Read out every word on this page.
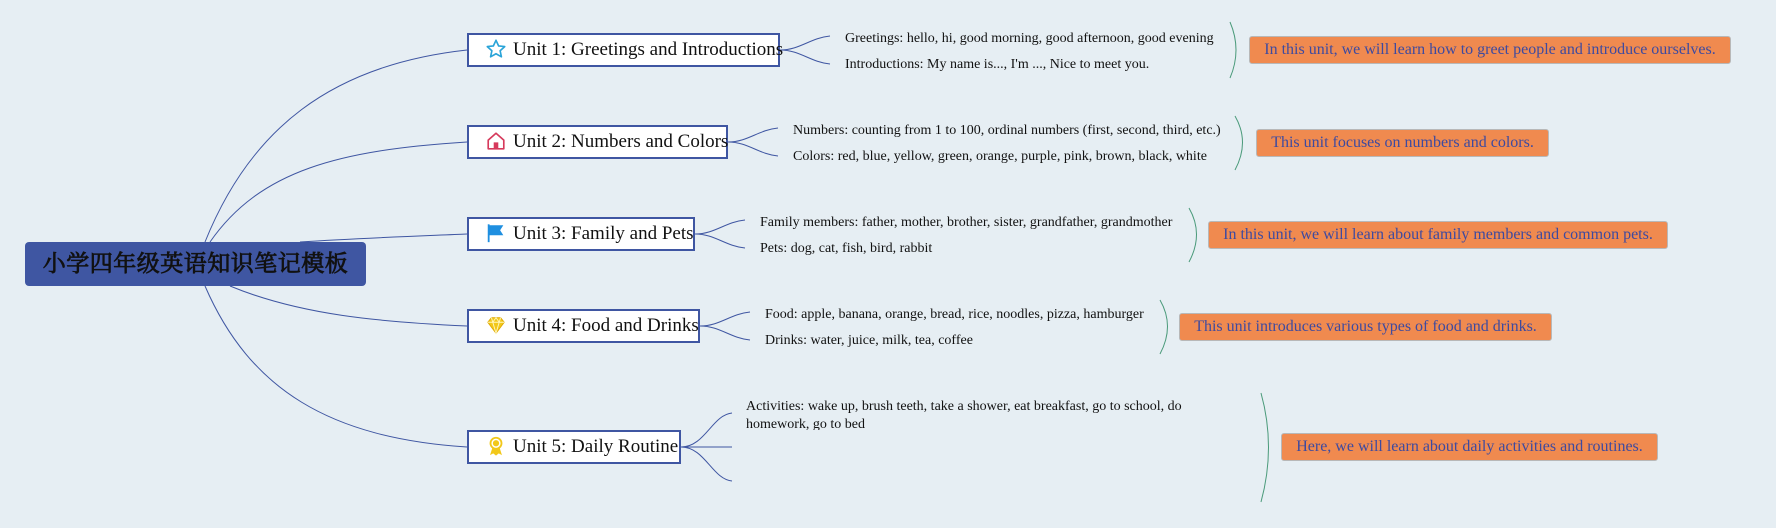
小学四年级英语知识笔记模板
Unit 1: Greetings and Introductions
Greetings: hello, hi, good morning, good afternoon, good evening
Introductions: My name is..., I'm ..., Nice to meet you.
In this unit, we will learn how to greet people and introduce ourselves.
Unit 2: Numbers and Colors
Numbers: counting from 1 to 100, ordinal numbers (first, second, third, etc.)
Colors: red, blue, yellow, green, orange, purple, pink, brown, black, white
This unit focuses on numbers and colors.
Unit 3: Family and Pets
Family members: father, mother, brother, sister, grandfather, grandmother
Pets: dog, cat, fish, bird, rabbit
In this unit, we will learn about family members and common pets.
Unit 4: Food and Drinks
Food: apple, banana, orange, bread, rice, noodles, pizza, hamburger
Drinks: water, juice, milk, tea, coffee
This unit introduces various types of food and drinks.
Unit 5: Daily Routine
Activities: wake up, brush teeth, take a shower, eat breakfast, go to school, do homework, go to bed
Here, we will learn about daily activities and routines.
